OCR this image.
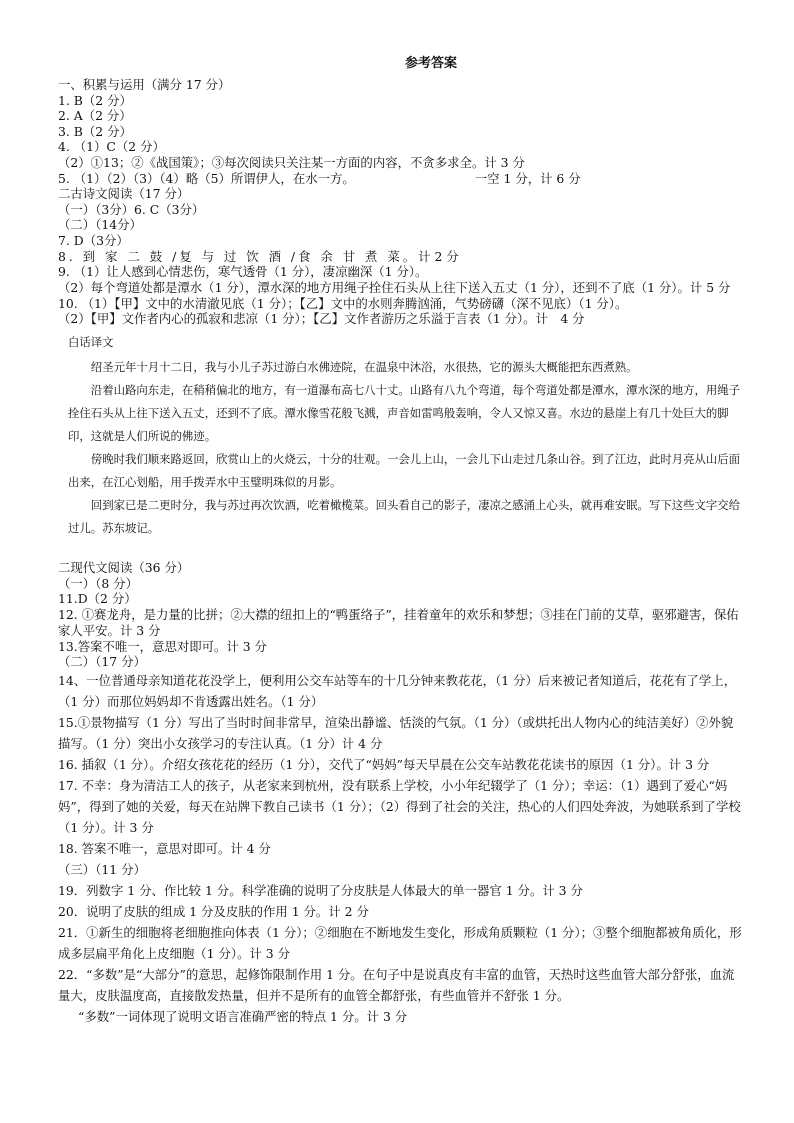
参考答案
一、积累与运用（满分 17 分）
1. B（2 分）
2. A（2 分）
3. B（2 分）
4. （1）C（2 分）
（2）①13；②《战国策》；③每次阅读只关注某一方面的内容，不贪多求全。计 3 分
5. （1）（2）（3）（4）略（5）所谓伊人，在水一方。	一空 1 分，计 6 分
二古诗文阅读（17 分）
（一）（3分）6. C（3分）
（二）（14分）
7. D（3分）
8. 到 家 二 鼓 /复 与 过 饮 酒 /食 余 甘 煮 菜。计 2 分
9. （1）让人感到心情悲伤，寒气透骨（1 分），凄凉幽深（1 分）。
（2）每个弯道处都是潭水（1 分），潭水深的地方用绳子拴住石头从上往下送入五丈（1 分），还到不了底（1 分）。计 5 分
10. （1）【甲】文中的水清澈见底（1 分）；【乙】文中的水则奔腾汹涌，气势磅礴（深不见底）（1 分）。
（2）【甲】文作者内心的孤寂和悲凉（1 分）；【乙】文作者游历之乐溢于言表（1 分）。计　4 分

白话译文

绍圣元年十月十二日，我与小儿子苏过游白水佛迹院，在温泉中沐浴，水很热，它的源头大概能把东西煮熟。

沿着山路向东走，在稍稍偏北的地方，有一道瀑布高七八十丈。山路有八九个弯道，每个弯道处都是潭水，潭水深的地方，用绳子拴住石头从上往下送入五丈，还到不了底。潭水像雪花般飞溅，声音如雷鸣般轰响，令人又惊又喜。水边的悬崖上有几十处巨大的脚印，这就是人们所说的佛迹。

傍晚时我们顺来路返回，欣赏山上的火烧云，十分的壮观。一会儿上山，一会儿下山走过几条山谷。到了江边，此时月亮从山后面出来，在江心划船，用手拨弄水中玉璧明珠似的月影。

回到家已是二更时分，我与苏过再次饮酒，吃着橄榄菜。回头看自己的影子，凄凉之感涌上心头，就再难安眠。写下这些文字交给过儿。苏东坡记。

二现代文阅读（36 分）
（一）（8 分）
11.D（2 分）
12. ①赛龙舟，是力量的比拼；②大襟的纽扣上的“鸭蛋络子”，挂着童年的欢乐和梦想；③挂在门前的艾草，驱邪避害，保佑家人平安。计 3 分
13.答案不唯一，意思对即可。计 3 分
（二）（17 分）
14、一位普通母亲知道花花没学上，便利用公交车站等车的十几分钟来教花花，（1 分）后来被记者知道后，花花有了学上，（1 分）而那位妈妈却不肯透露出姓名。（1 分）
15.①景物描写（1 分）写出了当时时间非常早，渲染出静谧、恬淡的气氛。（1 分）（或烘托出人物内心的纯洁美好）②外貌描写。（1 分）突出小女孩学习的专注认真。（1 分）计 4 分
16. 插叙（1 分）。介绍女孩花花的经历（1 分），交代了“妈妈”每天早晨在公交车站教花花读书的原因（1 分）。计 3 分
17. 不幸：身为清洁工人的孩子，从老家来到杭州，没有联系上学校，小小年纪辍学了（1 分）；幸运：（1）遇到了爱心“妈妈”，得到了她的关爱，每天在站牌下教自己读书（1 分）；（2）得到了社会的关注，热心的人们四处奔波，为她联系到了学校（1 分）。计 3 分
18. 答案不唯一，意思对即可。计 4 分
（三）（11 分）
19．列数字 1 分、作比较 1 分。科学准确的说明了分皮肤是人体最大的单一器官 1 分。计 3 分
20．说明了皮肤的组成 1 分及皮肤的作用 1 分。计 2 分
21．①新生的细胞将老细胞推向体表（1 分）；②细胞在不断地发生变化，形成角质颗粒（1 分）；③整个细胞都被角质化，形成多层扁平角化上皮细胞（1 分）。计 3 分
22．“多数”是“大部分”的意思，起修饰限制作用 1 分。在句子中是说真皮有丰富的血管，天热时这些血管大部分舒张，血流量大，皮肤温度高，直接散发热量，但并不是所有的血管全都舒张，有些血管并不舒张 1 分。
“多数”一词体现了说明文语言准确严密的特点 1 分。计 3 分
